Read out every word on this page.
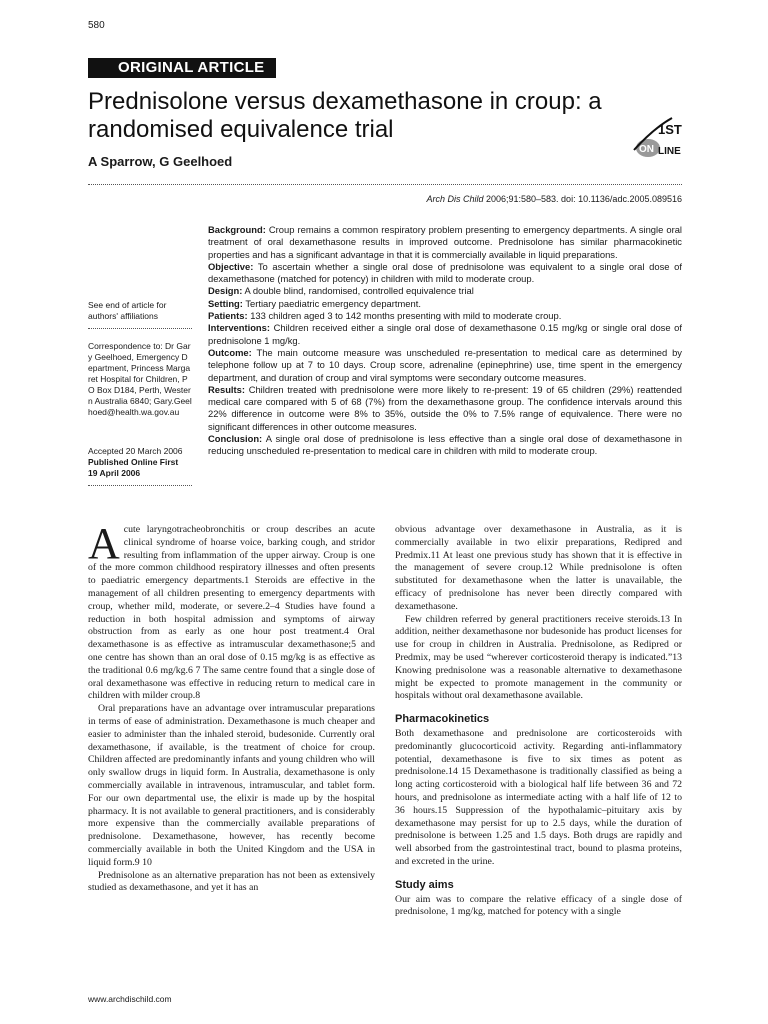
580
ORIGINAL ARTICLE
Prednisolone versus dexamethasone in croup: a randomised equivalence trial
A Sparrow, G Geelhoed
1ST
ON LINE
Arch Dis Child 2006;91:580–583. doi: 10.1136/adc.2005.089516
See end of article for authors' affiliations
Correspondence to: Dr Gary Geelhoed, Emergency Department, Princess Margaret Hospital for Children, PO Box D184, Perth, Western Australia 6840; Gary.Geelhoed@health.wa.gov.au
Accepted 20 March 2006
Published Online First 19 April 2006

Background: Croup remains a common respiratory problem presenting to emergency departments. A single oral treatment of oral dexamethasone results in improved outcome. Prednisolone has similar pharmacokinetic properties and has a significant advantage in that it is commercially available in liquid preparations.

Objective: To ascertain whether a single oral dose of prednisolone was equivalent to a single oral dose of dexamethasone (matched for potency) in children with mild to moderate croup.

Design: A double blind, randomised, controlled equivalence trial

Setting: Tertiary paediatric emergency department.

Patients: 133 children aged 3 to 142 months presenting with mild to moderate croup.

Interventions: Children received either a single oral dose of dexamethasone 0.15 mg/kg or single oral dose of prednisolone 1 mg/kg.

Outcome: The main outcome measure was unscheduled re-presentation to medical care as determined by telephone follow up at 7 to 10 days. Croup score, adrenaline (epinephrine) use, time spent in the emergency department, and duration of croup and viral symptoms were secondary outcome measures.

Results: Children treated with prednisolone were more likely to re-present: 19 of 65 children (29%) reattended medical care compared with 5 of 68 (7%) from the dexamethasone group. The confidence intervals around this 22% difference in outcome were 8% to 35%, outside the 0% to 7.5% range of equivalence. There were no significant differences in other outcome measures.

Conclusion: A single oral dose of prednisolone is less effective than a single oral dose of dexamethasone in reducing unscheduled re-presentation to medical care in children with mild to moderate croup.

Acute laryngotracheobronchitis or croup describes an acute clinical syndrome of hoarse voice, barking cough, and stridor resulting from inflammation of the upper airway. Croup is one of the more common childhood respiratory illnesses and often presents to paediatric emergency departments.1 Steroids are effective in the management of all children presenting to emergency departments with croup, whether mild, moderate, or severe.2–4 Studies have found a reduction in both hospital admission and symptoms of airway obstruction from as early as one hour post treatment.4 Oral dexamethasone is as effective as intramuscular dexamethasone;5 and one centre has shown than an oral dose of 0.15 mg/kg is as effective as the traditional 0.6 mg/kg.6 7 The same centre found that a single dose of oral dexamethasone was effective in reducing return to medical care in children with milder croup.8

Oral preparations have an advantage over intramuscular preparations in terms of ease of administration. Dexamethasone is much cheaper and easier to administer than the inhaled steroid, budesonide. Currently oral dexamethasone, if available, is the treatment of choice for croup. Children affected are predominantly infants and young children who will only swallow drugs in liquid form. In Australia, dexamethasone is only commercially available in intravenous, intramuscular, and tablet form. For our own departmental use, the elixir is made up by the hospital pharmacy. It is not available to general practitioners, and is considerably more expensive than the commercially available preparations of prednisolone. Dexamethasone, however, has recently become commercially available in both the United Kingdom and the USA in liquid form.9 10

Prednisolone as an alternative preparation has not been as extensively studied as dexamethasone, and yet it has an

obvious advantage over dexamethasone in Australia, as it is commercially available in two elixir preparations, Redipred and Predmix.11 At least one previous study has shown that it is effective in the management of severe croup.12 While prednisolone is often substituted for dexamethasone when the latter is unavailable, the efficacy of prednisolone has never been directly compared with dexamethasone.

Few children referred by general practitioners receive steroids.13 In addition, neither dexamethasone nor budesonide has product licenses for use for croup in children in Australia. Prednisolone, as Redipred or Predmix, may be used “wherever corticosteroid therapy is indicated.”13 Knowing prednisolone was a reasonable alternative to dexamethasone might be expected to promote management in the community or hospitals without oral dexamethasone available.

Pharmacokinetics

Both dexamethasone and prednisolone are corticosteroids with predominantly glucocorticoid activity. Regarding anti-inflammatory potential, dexamethasone is five to six times as potent as prednisolone.14 15 Dexamethasone is traditionally classified as being a long acting corticosteroid with a biological half life between 36 and 72 hours, and prednisolone as intermediate acting with a half life of 12 to 36 hours.15 Suppression of the hypothalamic–pituitary axis by dexamethasone may persist for up to 2.5 days, while the duration of prednisolone is between 1.25 and 1.5 days. Both drugs are rapidly and well absorbed from the gastrointestinal tract, bound to plasma proteins, and excreted in the urine.

Study aims

Our aim was to compare the relative efficacy of a single dose of prednisolone, 1 mg/kg, matched for potency with a single

www.archdischild.com
